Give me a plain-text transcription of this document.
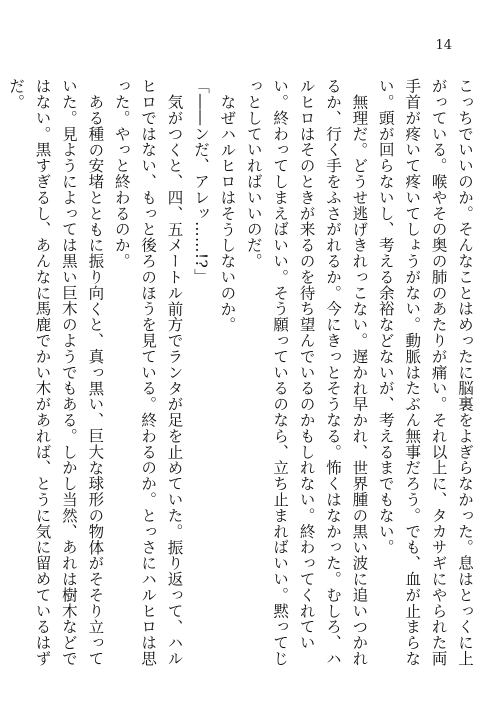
14

こっちでいいのか。そんなことはめったに脳裏をよぎらなかった。息はとっくに上がっている。喉やその奥の肺のあたりが痛い。それ以上に、タカサギにやられた両手首が疼いて疼いてしょうがない。動脈はたぶん無事だろう。でも、血が止まらない。頭が回らないし、考える余裕などないが、考えるまでもない。

無理だ。どうせ逃げきれっこない。遅かれ早かれ、世界腫の黒い波に追いつかれるか、行く手をふさがれるか。今にきっとそうなる。怖くはなかった。むしろ、ハルヒロはそのときが来るのを待ち望んでいるのかもしれない。終わってくれていい。終わってしまえばいい。そう願っているのなら、立ち止まればいい。黙ってじっとしていればいいのだ。

なぜハルヒロはそうしないのか。

「――ンだ、アレッ……!?」

気がつくと、四、五メートル前方でランタが足を止めていた。振り返って、ハルヒロではない、もっと後ろのほうを見ている。終わるのか。とっさにハルヒロは思った。やっと終わるのか。

ある種の安堵とともに振り向くと、真っ黒い、巨大な球形の物体がそそり立っていた。見ようによっては黒い巨木のようでもある。しかし当然、あれは樹木などではない。黒すぎるし、あんなに馬鹿でかい木があれば、とうに気に留めているはずだ。
